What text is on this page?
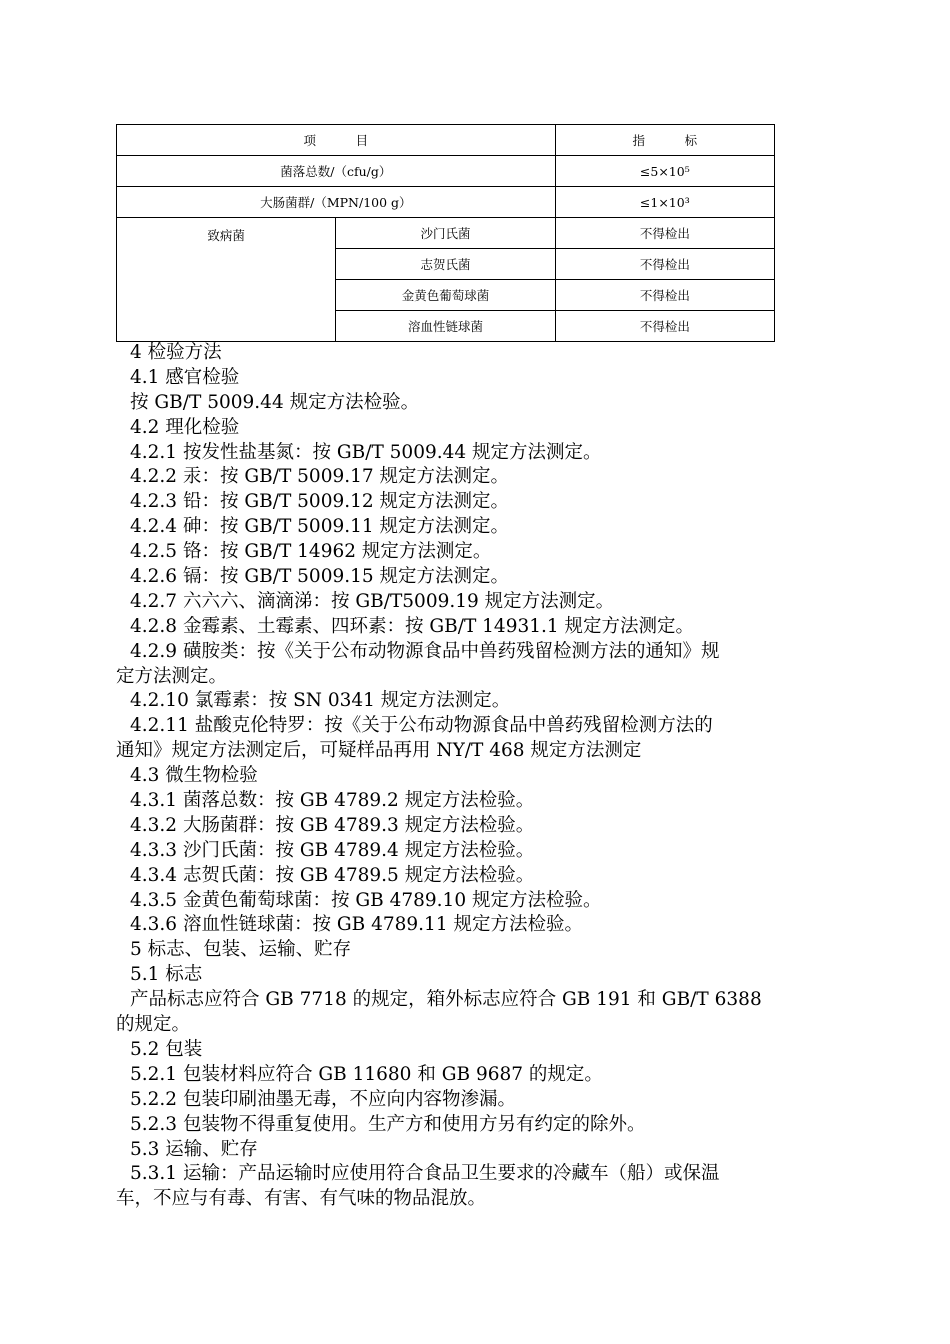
项          目		指          标
菌落总数/（cfu/g）		≤5×10⁵
大肠菌群/（MPN/100 g）		≤1×10³
致病菌	沙门氏菌	不得检出
	志贺氏菌	不得检出
	金黄色葡萄球菌	不得检出
	溶血性链球菌	不得检出
4 检验方法
4.1 感官检验
按 GB/T 5009.44 规定方法检验。
4.2 理化检验
4.2.1 按发性盐基氮：按 GB/T 5009.44 规定方法测定。
4.2.2 汞：按 GB/T 5009.17 规定方法测定。
4.2.3 铅：按 GB/T 5009.12 规定方法测定。
4.2.4 砷：按 GB/T 5009.11 规定方法测定。
4.2.5 铬：按 GB/T 14962 规定方法测定。
4.2.6 镉：按 GB/T 5009.15 规定方法测定。
4.2.7 六六六、滴滴涕：按 GB/T5009.19 规定方法测定。
4.2.8 金霉素、土霉素、四环素：按 GB/T 14931.1 规定方法测定。
4.2.9 磺胺类：按《关于公布动物源食品中兽药残留检测方法的通知》规
定方法测定。
4.2.10 氯霉素：按 SN 0341 规定方法测定。
4.2.11 盐酸克伦特罗：按《关于公布动物源食品中兽药残留检测方法的
通知》规定方法测定后，可疑样品再用 NY/T 468 规定方法测定
4.3 微生物检验
4.3.1 菌落总数：按 GB 4789.2 规定方法检验。
4.3.2 大肠菌群：按 GB 4789.3 规定方法检验。
4.3.3 沙门氏菌：按 GB 4789.4 规定方法检验。
4.3.4 志贺氏菌：按 GB 4789.5 规定方法检验。
4.3.5 金黄色葡萄球菌：按 GB 4789.10 规定方法检验。
4.3.6 溶血性链球菌：按 GB 4789.11 规定方法检验。
5 标志、包装、运输、贮存
5.1 标志
产品标志应符合 GB 7718 的规定，箱外标志应符合 GB 191 和 GB/T 6388
的规定。
5.2 包装
5.2.1 包装材料应符合 GB 11680 和 GB 9687 的规定。
5.2.2 包装印刷油墨无毒，不应向内容物渗漏。
5.2.3 包装物不得重复使用。生产方和使用方另有约定的除外。
5.3 运输、贮存
5.3.1 运输：产品运输时应使用符合食品卫生要求的冷藏车（船）或保温
车，不应与有毒、有害、有气味的物品混放。
